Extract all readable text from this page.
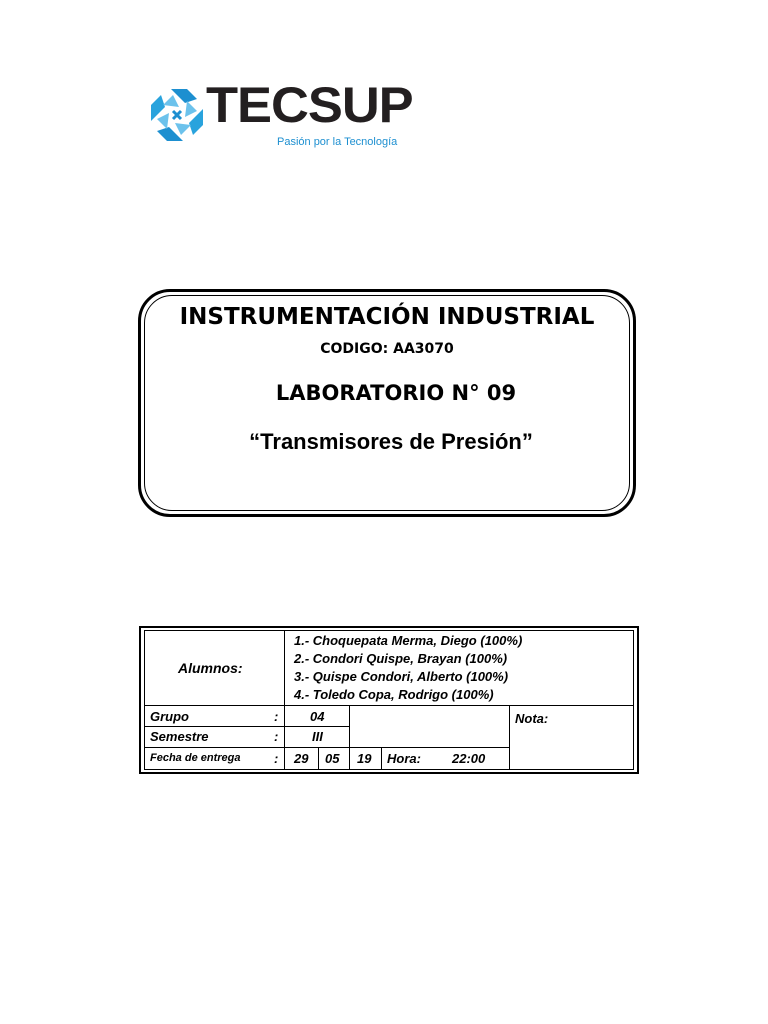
TECSUP
Pasión por la Tecnología
INSTRUMENTACIÓN INDUSTRIAL
CODIGO: AA3070
LABORATORIO N° 09
“Transmisores de Presión”
Alumnos:
1.- Choquepata Merma, Diego (100%)
2.- Condori Quispe, Brayan (100%)
3.- Quispe Condori, Alberto (100%)
4.- Toledo Copa, Rodrigo (100%)
Grupo	: 04
Semestre	:	III
Fecha de entrega	: 29 05 19 Hora: 22:00
Nota:
